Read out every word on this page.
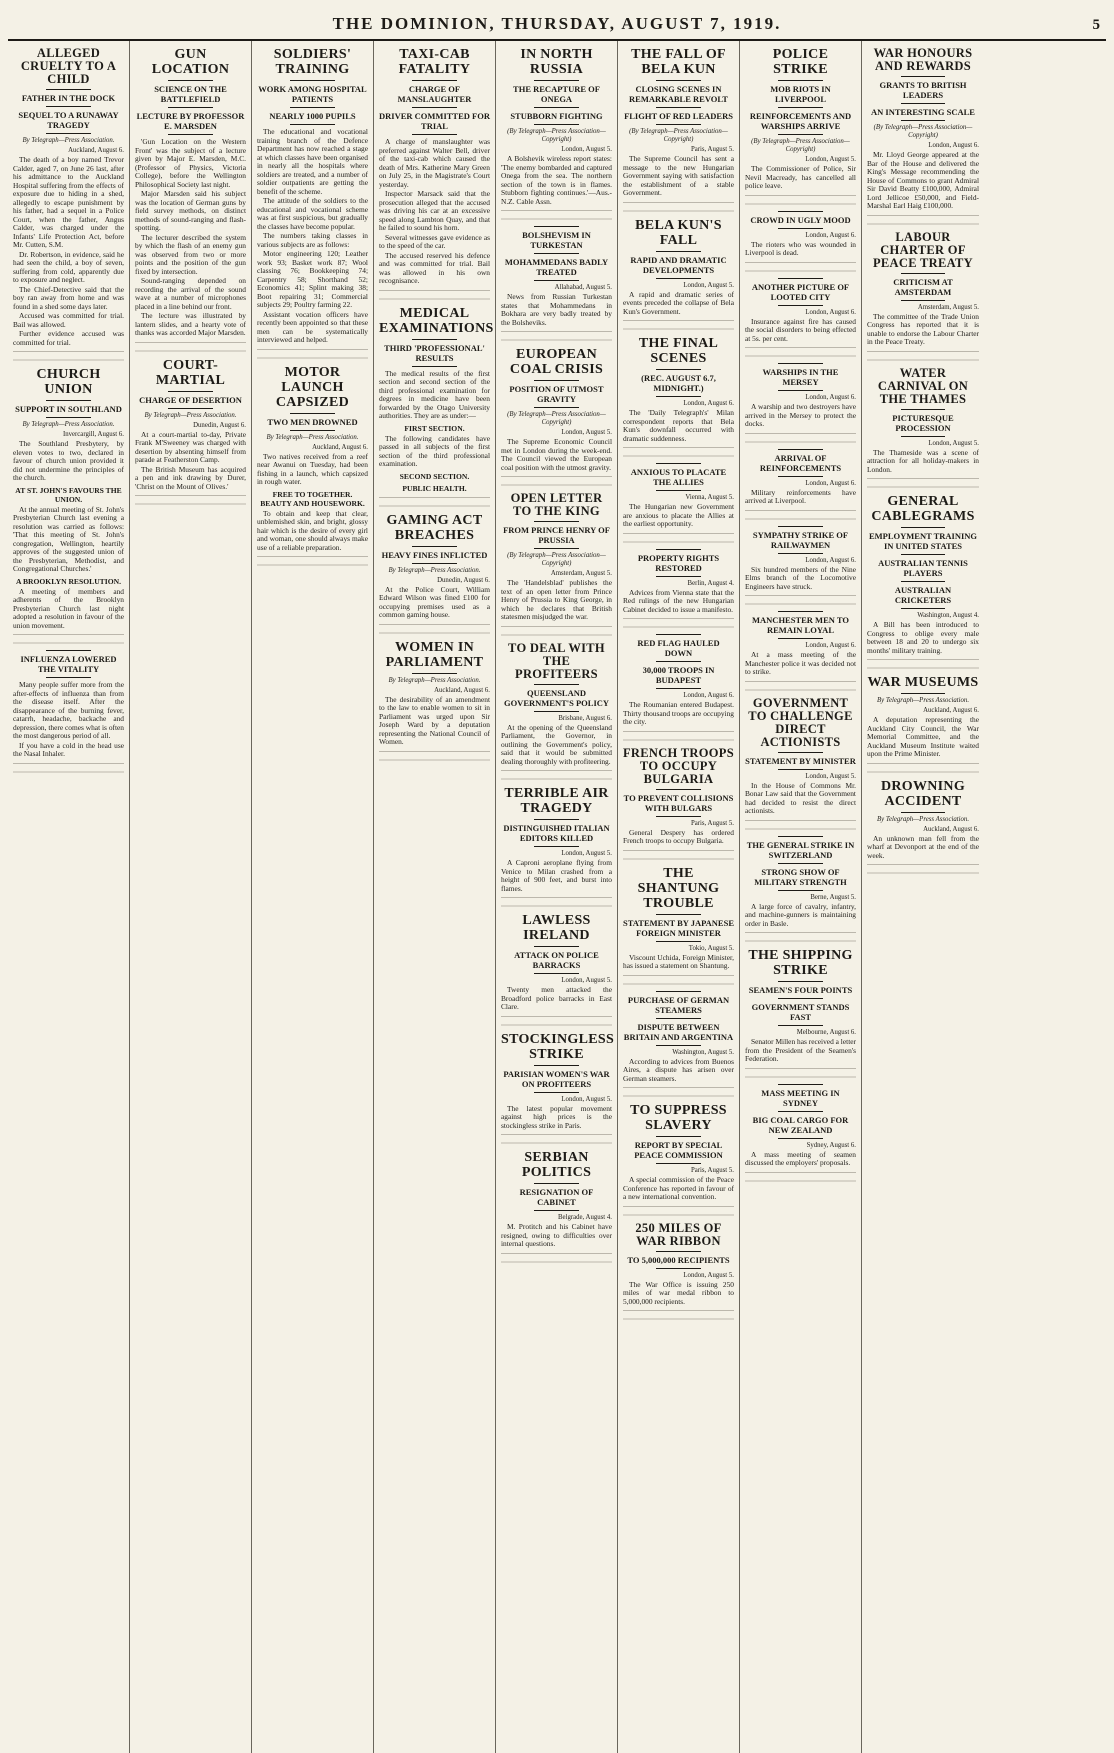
THE DOMINION, THURSDAY, AUGUST 7, 1919.	5
ALLEGED CRUELTY TO A CHILD
FATHER IN THE DOCK
SEQUEL TO A RUNAWAY TRAGEDY
By Telegraph—Press Association.
Auckland, August 6.
The death of a boy named Trevor Calder, aged 7, on June 26 last, after his admittance to the Auckland Hospital suffering from the effects of exposure due to hiding in a shed, allegedly to escape punishment by his father, had a sequel in a Police Court, when the father, Angus Calder, was charged under the Infants' Life Protection Act, before Mr. Cutten, S.M.
Dr. Robertson, in evidence, said he had seen the child, a boy of seven, suffering from cold, apparently due to exposure and neglect.
The Chief-Detective said that the boy ran away from home and was found in a shed some days later.
Accused was committed for trial. Bail was allowed.
Further evidence accused was committed for trial.
CHURCH UNION
SUPPORT IN SOUTHLAND
By Telegraph—Press Association.
Invercargill, August 6.
The Southland Presbytery, by eleven votes to two, declared in favour of church union provided it did not undermine the principles of the church.
AT ST. JOHN'S FAVOURS THE UNION.
At the annual meeting of St. John's Presbyterian Church last evening a resolution was carried as follows: 'That this meeting of St. John's congregation, Wellington, heartily approves of the suggested union of the Presbyterian, Methodist, and Congregational Churches.'
A BROOKLYN RESOLUTION.
A meeting of members and adherents of the Brooklyn Presbyterian Church last night adopted a resolution in favour of the union movement.
INFLUENZA LOWERED THE VITALITY
Many people suffer more from the after-effects of influenza than from the disease itself. After the disappearance of the burning fever, catarrh, headache, backache and depression, there comes what is often the most dangerous period of all.
If you have a cold in the head use the Nasal Inhaler.
GUN LOCATION
SCIENCE ON THE BATTLEFIELD
LECTURE BY PROFESSOR E. MARSDEN
'Gun Location on the Western Front' was the subject of a lecture given by Major E. Marsden, M.C. (Professor of Physics, Victoria College), before the Wellington Philosophical Society last night.
Major Marsden said his subject was the location of German guns by field survey methods, on distinct methods of sound-ranging and flash-spotting.
The lecturer described the system by which the flash of an enemy gun was observed from two or more points and the position of the gun fixed by intersection.
Sound-ranging depended on recording the arrival of the sound wave at a number of microphones placed in a line behind our front.
The lecture was illustrated by lantern slides, and a hearty vote of thanks was accorded Major Marsden.
COURT-MARTIAL
CHARGE OF DESERTION
By Telegraph—Press Association.
Dunedin, August 6.
At a court-martial to-day, Private Frank M'Sweeney was charged with desertion by absenting himself from parade at Featherston Camp.
The British Museum has acquired a pen and ink drawing by Durer, 'Christ on the Mount of Olives.'
SOLDIERS' TRAINING
WORK AMONG HOSPITAL PATIENTS
NEARLY 1000 PUPILS
The educational and vocational training branch of the Defence Department has now reached a stage at which classes have been organised in nearly all the hospitals where soldiers are treated, and a number of soldier outpatients are getting the benefit of the scheme.
The attitude of the soldiers to the educational and vocational scheme was at first suspicious, but gradually the classes have become popular.
The numbers taking classes in various subjects are as follows:
Motor engineering 120; Leather work 93; Basket work 87; Wool classing 76; Bookkeeping 74; Carpentry 58; Shorthand 52; Economics 41; Splint making 38; Boot repairing 31; Commercial subjects 29; Poultry farming 22.
Assistant vocation officers have recently been appointed so that these men can be systematically interviewed and helped.
MOTOR LAUNCH CAPSIZED
TWO MEN DROWNED
By Telegraph—Press Association.
Auckland, August 6.
Two natives received from a reef near Awanui on Tuesday, had been fishing in a launch, which capsized in rough water.
FREE TO TOGETHER. BEAUTY AND HOUSEWORK.
To obtain and keep that clear, unblemished skin, and bright, glossy hair which is the desire of every girl and woman, one should always make use of a reliable preparation.
TAXI-CAB FATALITY
CHARGE OF MANSLAUGHTER
DRIVER COMMITTED FOR TRIAL
A charge of manslaughter was preferred against Walter Bell, driver of the taxi-cab which caused the death of Mrs. Katherine Mary Green on July 25, in the Magistrate's Court yesterday.
Inspector Marsack said that the prosecution alleged that the accused was driving his car at an excessive speed along Lambton Quay, and that he failed to sound his horn.
Several witnesses gave evidence as to the speed of the car.
The accused reserved his defence and was committed for trial. Bail was allowed in his own recognisance.
MEDICAL EXAMINATIONS
THIRD 'PROFESSIONAL' RESULTS
The medical results of the first section and second section of the third professional examination for degrees in medicine have been forwarded by the Otago University authorities. They are as under:—
FIRST SECTION.
The following candidates have passed in all subjects of the first section of the third professional examination.
SECOND SECTION.
PUBLIC HEALTH.
GAMING ACT BREACHES
HEAVY FINES INFLICTED
By Telegraph—Press Association.
Dunedin, August 6.
At the Police Court, William Edward Wilson was fined £100 for occupying premises used as a common gaming house.
WOMEN IN PARLIAMENT
By Telegraph—Press Association.
Auckland, August 6.
The desirability of an amendment to the law to enable women to sit in Parliament was urged upon Sir Joseph Ward by a deputation representing the National Council of Women.
IN NORTH RUSSIA
THE RECAPTURE OF ONEGA
STUBBORN FIGHTING
(By Telegraph—Press Association—Copyright)
London, August 5.
A Bolshevik wireless report states: 'The enemy bombarded and captured Onega from the sea. The northern section of the town is in flames. Stubborn fighting continues.'—Aus.-N.Z. Cable Assn.
BOLSHEVISM IN TURKESTAN
MOHAMMEDANS BADLY TREATED
Allahabad, August 5.
News from Russian Turkestan states that Mohammedans in Bokhara are very badly treated by the Bolsheviks.
EUROPEAN COAL CRISIS
POSITION OF UTMOST GRAVITY
(By Telegraph—Press Association—Copyright)
London, August 5.
The Supreme Economic Council met in London during the week-end. The Council viewed the European coal position with the utmost gravity.
OPEN LETTER TO THE KING
FROM PRINCE HENRY OF PRUSSIA
(By Telegraph—Press Association—Copyright)
Amsterdam, August 5.
The 'Handelsblad' publishes the text of an open letter from Prince Henry of Prussia to King George, in which he declares that British statesmen misjudged the war.
TO DEAL WITH THE PROFITEERS
QUEENSLAND GOVERNMENT'S POLICY
Brisbane, August 6.
At the opening of the Queensland Parliament, the Governor, in outlining the Government's policy, said that it would be submitted dealing thoroughly with profiteering.
TERRIBLE AIR TRAGEDY
DISTINGUISHED ITALIAN EDITORS KILLED
London, August 5.
A Caproni aeroplane flying from Venice to Milan crashed from a height of 900 feet, and burst into flames.
LAWLESS IRELAND
ATTACK ON POLICE BARRACKS
London, August 5.
Twenty men attacked the Broadford police barracks in East Clare.
STOCKINGLESS STRIKE
PARISIAN WOMEN'S WAR ON PROFITEERS
London, August 5.
The latest popular movement against high prices is the stockingless strike in Paris.
SERBIAN POLITICS
RESIGNATION OF CABINET
Belgrade, August 4.
M. Protitch and his Cabinet have resigned, owing to difficulties over internal questions.
THE FALL OF BELA KUN
CLOSING SCENES IN REMARKABLE REVOLT
FLIGHT OF RED LEADERS
(By Telegraph—Press Association—Copyright)
Paris, August 5.
The Supreme Council has sent a message to the new Hungarian Government saying with satisfaction the establishment of a stable Government.
BELA KUN'S FALL
RAPID AND DRAMATIC DEVELOPMENTS
London, August 5.
A rapid and dramatic series of events preceded the collapse of Bela Kun's Government.
THE FINAL SCENES
(REC. AUGUST 6.7, MIDNIGHT.)
London, August 6.
The 'Daily Telegraph's' Milan correspondent reports that Bela Kun's downfall occurred with dramatic suddenness.
ANXIOUS TO PLACATE THE ALLIES
Vienna, August 5.
The Hungarian new Government are anxious to placate the Allies at the earliest opportunity.
PROPERTY RIGHTS RESTORED
Berlin, August 4.
Advices from Vienna state that the Red rulings of the new Hungarian Cabinet decided to issue a manifesto.
RED FLAG HAULED DOWN
30,000 TROOPS IN BUDAPEST
London, August 6.
The Roumanian entered Budapest. Thirty thousand troops are occupying the city.
FRENCH TROOPS TO OCCUPY BULGARIA
TO PREVENT COLLISIONS WITH BULGARS
Paris, August 5.
General Despery has ordered French troops to occupy Bulgaria.
THE SHANTUNG TROUBLE
STATEMENT BY JAPANESE FOREIGN MINISTER
Tokio, August 5.
Viscount Uchida, Foreign Minister, has issued a statement on Shantung.
PURCHASE OF GERMAN STEAMERS
DISPUTE BETWEEN BRITAIN AND ARGENTINA
Washington, August 5.
According to advices from Buenos Aires, a dispute has arisen over German steamers.
TO SUPPRESS SLAVERY
REPORT BY SPECIAL PEACE COMMISSION
Paris, August 5.
A special commission of the Peace Conference has reported in favour of a new international convention.
250 MILES OF WAR RIBBON
TO 5,000,000 RECIPIENTS
London, August 5.
The War Office is issuing 250 miles of war medal ribbon to 5,000,000 recipients.
POLICE STRIKE
MOB RIOTS IN LIVERPOOL
REINFORCEMENTS AND WARSHIPS ARRIVE
(By Telegraph—Press Association—Copyright)
London, August 5.
The Commissioner of Police, Sir Nevil Macready, has cancelled all police leave.
CROWD IN UGLY MOOD
London, August 6.
The rioters who was wounded in Liverpool is dead.
ANOTHER PICTURE OF LOOTED CITY
London, August 6.
Insurance against fire has caused the social disorders to being effected at 5s. per cent.
WARSHIPS IN THE MERSEY
London, August 6.
A warship and two destroyers have arrived in the Mersey to protect the docks.
ARRIVAL OF REINFORCEMENTS
London, August 6.
Military reinforcements have arrived at Liverpool.
SYMPATHY STRIKE OF RAILWAYMEN
London, August 6.
Six hundred members of the Nine Elms branch of the Locomotive Engineers have struck.
MANCHESTER MEN TO REMAIN LOYAL
London, August 6.
At a mass meeting of the Manchester police it was decided not to strike.
GOVERNMENT TO CHALLENGE DIRECT ACTIONISTS
STATEMENT BY MINISTER
London, August 5.
In the House of Commons Mr. Bonar Law said that the Government had decided to resist the direct actionists.
THE GENERAL STRIKE IN SWITZERLAND
STRONG SHOW OF MILITARY STRENGTH
Berne, August 5.
A large force of cavalry, infantry, and machine-gunners is maintaining order in Basle.
THE SHIPPING STRIKE
SEAMEN'S FOUR POINTS
GOVERNMENT STANDS FAST
Melbourne, August 6.
Senator Millen has received a letter from the President of the Seamen's Federation.
MASS MEETING IN SYDNEY
BIG COAL CARGO FOR NEW ZEALAND
Sydney, August 6.
A mass meeting of seamen discussed the employers' proposals.
WAR HONOURS AND REWARDS
GRANTS TO BRITISH LEADERS
AN INTERESTING SCALE
(By Telegraph—Press Association—Copyright)
London, August 6.
Mr. Lloyd George appeared at the Bar of the House and delivered the King's Message recommending the House of Commons to grant Admiral Sir David Beatty £100,000, Admiral Lord Jellicoe £50,000, and Field-Marshal Earl Haig £100,000.
LABOUR CHARTER OF PEACE TREATY
CRITICISM AT AMSTERDAM
Amsterdam, August 5.
The committee of the Trade Union Congress has reported that it is unable to endorse the Labour Charter in the Peace Treaty.
WATER CARNIVAL ON THE THAMES
PICTURESQUE PROCESSION
London, August 5.
The Thameside was a scene of attraction for all holiday-makers in London.
GENERAL CABLEGRAMS
EMPLOYMENT TRAINING IN UNITED STATES
AUSTRALIAN TENNIS PLAYERS
AUSTRALIAN CRICKETERS
Washington, August 4.
A Bill has been introduced to Congress to oblige every male between 18 and 20 to undergo six months' military training.
WAR MUSEUMS
By Telegraph—Press Association.
Auckland, August 6.
A deputation representing the Auckland City Council, the War Memorial Committee, and the Auckland Museum Institute waited upon the Prime Minister.
DROWNING ACCIDENT
By Telegraph—Press Association.
Auckland, August 6.
An unknown man fell from the wharf at Devonport at the end of the week.
